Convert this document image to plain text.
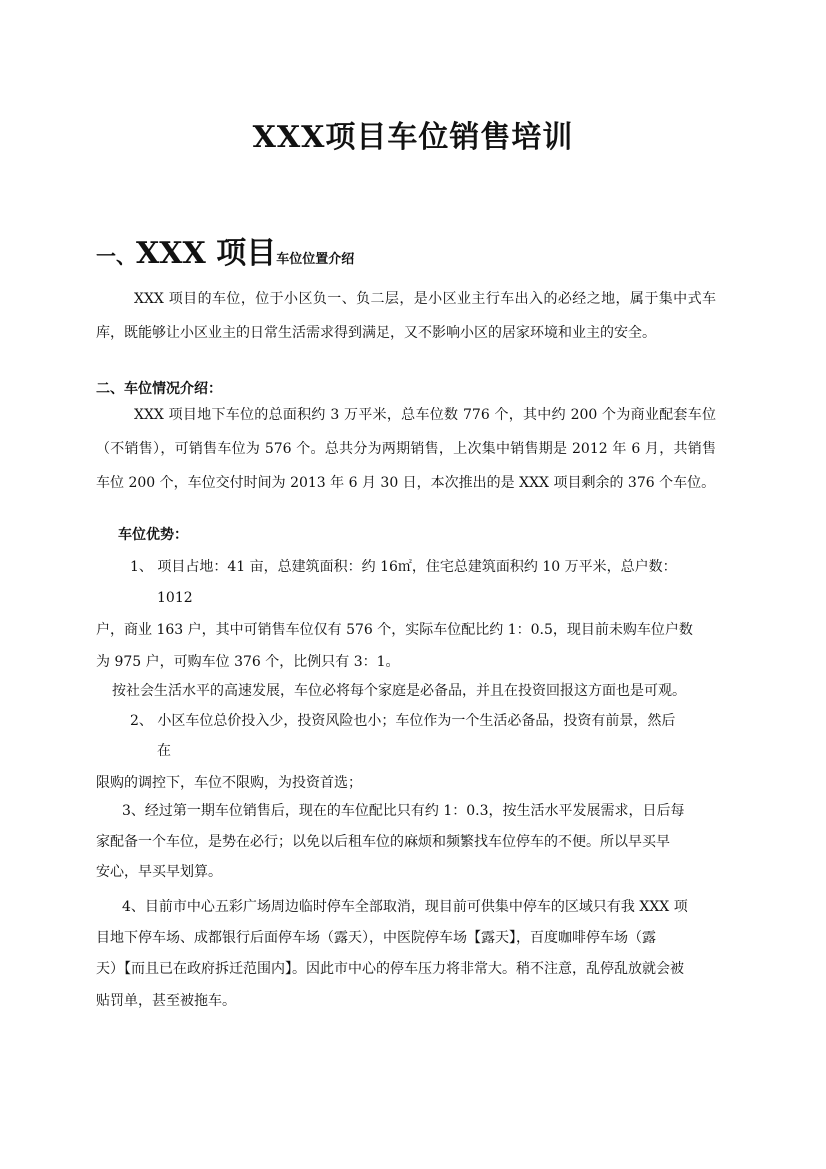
XXX项目车位销售培训
一、XXX 项目车位位置介绍
XXX 项目的车位，位于小区负一、负二层，是小区业主行车出入的必经之地，属于集中式车库，既能够让小区业主的日常生活需求得到满足，又不影响小区的居家环境和业主的安全。
二、车位情况介绍：
XXX 项目地下车位的总面积约 3 万平米，总车位数 776 个，其中约 200 个为商业配套车位（不销售），可销售车位为 576 个。总共分为两期销售，上次集中销售期是 2012 年 6 月，共销售车位 200 个，车位交付时间为 2013 年 6 月 30 日，本次推出的是 XXX 项目剩余的 376 个车位。
车位优势：
1、 项目占地：41 亩，总建筑面积：约 16㎡，住宅总建筑面积约 10 万平米，总户数：
1012
户，商业 163 户，其中可销售车位仅有 576 个，实际车位配比约 1：0.5，现目前未购车位户数
为 975 户，可购车位 376 个，比例只有 3：1。
按社会生活水平的高速发展，车位必将每个家庭是必备品，并且在投资回报这方面也是可观。
2、 小区车位总价投入少，投资风险也小；车位作为一个生活必备品，投资有前景，然后
在
限购的调控下，车位不限购，为投资首选；
3、经过第一期车位销售后，现在的车位配比只有约 1：0.3，按生活水平发展需求，日后每
家配备一个车位，是势在必行；以免以后租车位的麻烦和频繁找车位停车的不便。所以早买早
安心，早买早划算。
4、目前市中心五彩广场周边临时停车全部取消，现目前可供集中停车的区域只有我 XXX 项
目地下停车场、成都银行后面停车场（露天），中医院停车场【露天】，百度咖啡停车场（露
天）【而且已在政府拆迁范围内】。因此市中心的停车压力将非常大。稍不注意，乱停乱放就会被
贴罚单，甚至被拖车。
